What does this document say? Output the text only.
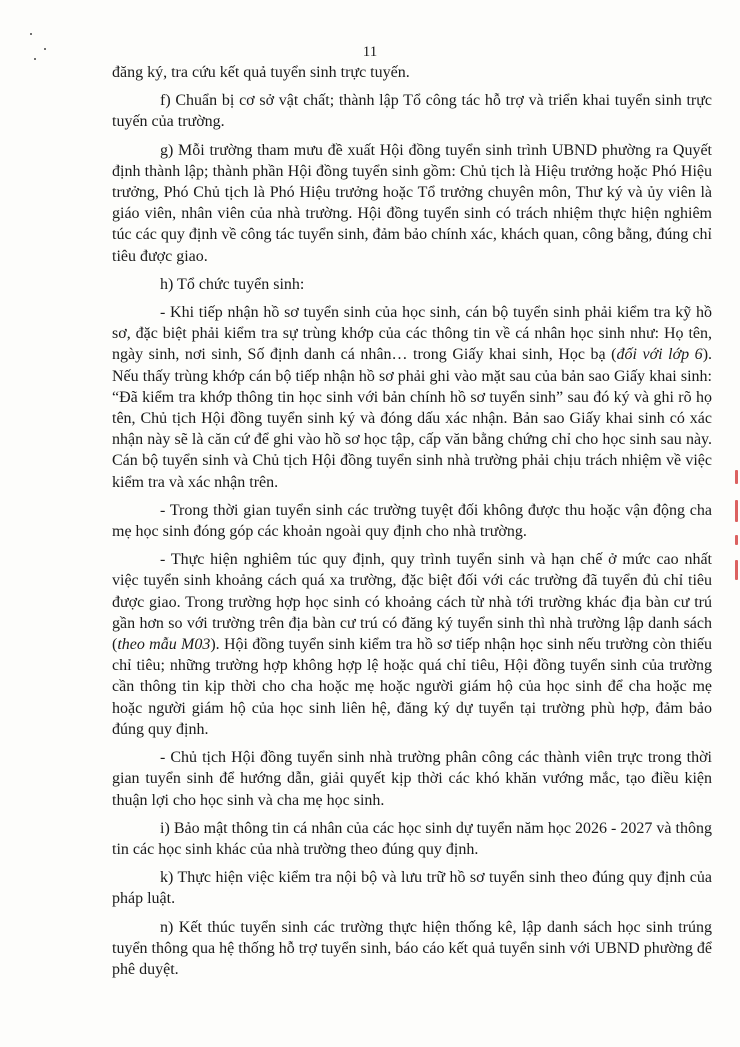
11

đăng ký, tra cứu kết quả tuyển sinh trực tuyến.

f) Chuẩn bị cơ sở vật chất; thành lập Tổ công tác hỗ trợ và triển khai tuyển sinh trực tuyến của trường.

g) Mỗi trường tham mưu đề xuất Hội đồng tuyển sinh trình UBND phường ra Quyết định thành lập; thành phần Hội đồng tuyển sinh gồm: Chủ tịch là Hiệu trưởng hoặc Phó Hiệu trưởng, Phó Chủ tịch là Phó Hiệu trưởng hoặc Tổ trưởng chuyên môn, Thư ký và ủy viên là giáo viên, nhân viên của nhà trường. Hội đồng tuyển sinh có trách nhiệm thực hiện nghiêm túc các quy định về công tác tuyển sinh, đảm bảo chính xác, khách quan, công bằng, đúng chỉ tiêu được giao.

h) Tổ chức tuyển sinh:

- Khi tiếp nhận hồ sơ tuyển sinh của học sinh, cán bộ tuyển sinh phải kiểm tra kỹ hồ sơ, đặc biệt phải kiểm tra sự trùng khớp của các thông tin về cá nhân học sinh như: Họ tên, ngày sinh, nơi sinh, Số định danh cá nhân… trong Giấy khai sinh, Học bạ (đối với lớp 6). Nếu thấy trùng khớp cán bộ tiếp nhận hồ sơ phải ghi vào mặt sau của bản sao Giấy khai sinh: “Đã kiểm tra khớp thông tin học sinh với bản chính hồ sơ tuyển sinh” sau đó ký và ghi rõ họ tên, Chủ tịch Hội đồng tuyển sinh ký và đóng dấu xác nhận. Bản sao Giấy khai sinh có xác nhận này sẽ là căn cứ để ghi vào hồ sơ học tập, cấp văn bằng chứng chỉ cho học sinh sau này. Cán bộ tuyển sinh và Chủ tịch Hội đồng tuyển sinh nhà trường phải chịu trách nhiệm về việc kiểm tra và xác nhận trên.

- Trong thời gian tuyển sinh các trường tuyệt đối không được thu hoặc vận động cha mẹ học sinh đóng góp các khoản ngoài quy định cho nhà trường.

- Thực hiện nghiêm túc quy định, quy trình tuyển sinh và hạn chế ở mức cao nhất việc tuyển sinh khoảng cách quá xa trường, đặc biệt đối với các trường đã tuyển đủ chỉ tiêu được giao. Trong trường hợp học sinh có khoảng cách từ nhà tới trường khác địa bàn cư trú gần hơn so với trường trên địa bàn cư trú có đăng ký tuyển sinh thì nhà trường lập danh sách (theo mẫu M03). Hội đồng tuyển sinh kiểm tra hồ sơ tiếp nhận học sinh nếu trường còn thiếu chỉ tiêu; những trường hợp không hợp lệ hoặc quá chỉ tiêu, Hội đồng tuyển sinh của trường cần thông tin kịp thời cho cha hoặc mẹ hoặc người giám hộ của học sinh để cha hoặc mẹ hoặc người giám hộ của học sinh liên hệ, đăng ký dự tuyển tại trường phù hợp, đảm bảo đúng quy định.

- Chủ tịch Hội đồng tuyển sinh nhà trường phân công các thành viên trực trong thời gian tuyển sinh để hướng dẫn, giải quyết kịp thời các khó khăn vướng mắc, tạo điều kiện thuận lợi cho học sinh và cha mẹ học sinh.

i) Bảo mật thông tin cá nhân của các học sinh dự tuyển năm học 2026 - 2027 và thông tin các học sinh khác của nhà trường theo đúng quy định.

k) Thực hiện việc kiểm tra nội bộ và lưu trữ hồ sơ tuyển sinh theo đúng quy định của pháp luật.

n) Kết thúc tuyển sinh các trường thực hiện thống kê, lập danh sách học sinh trúng tuyển thông qua hệ thống hỗ trợ tuyển sinh, báo cáo kết quả tuyển sinh với UBND phường để phê duyệt.
